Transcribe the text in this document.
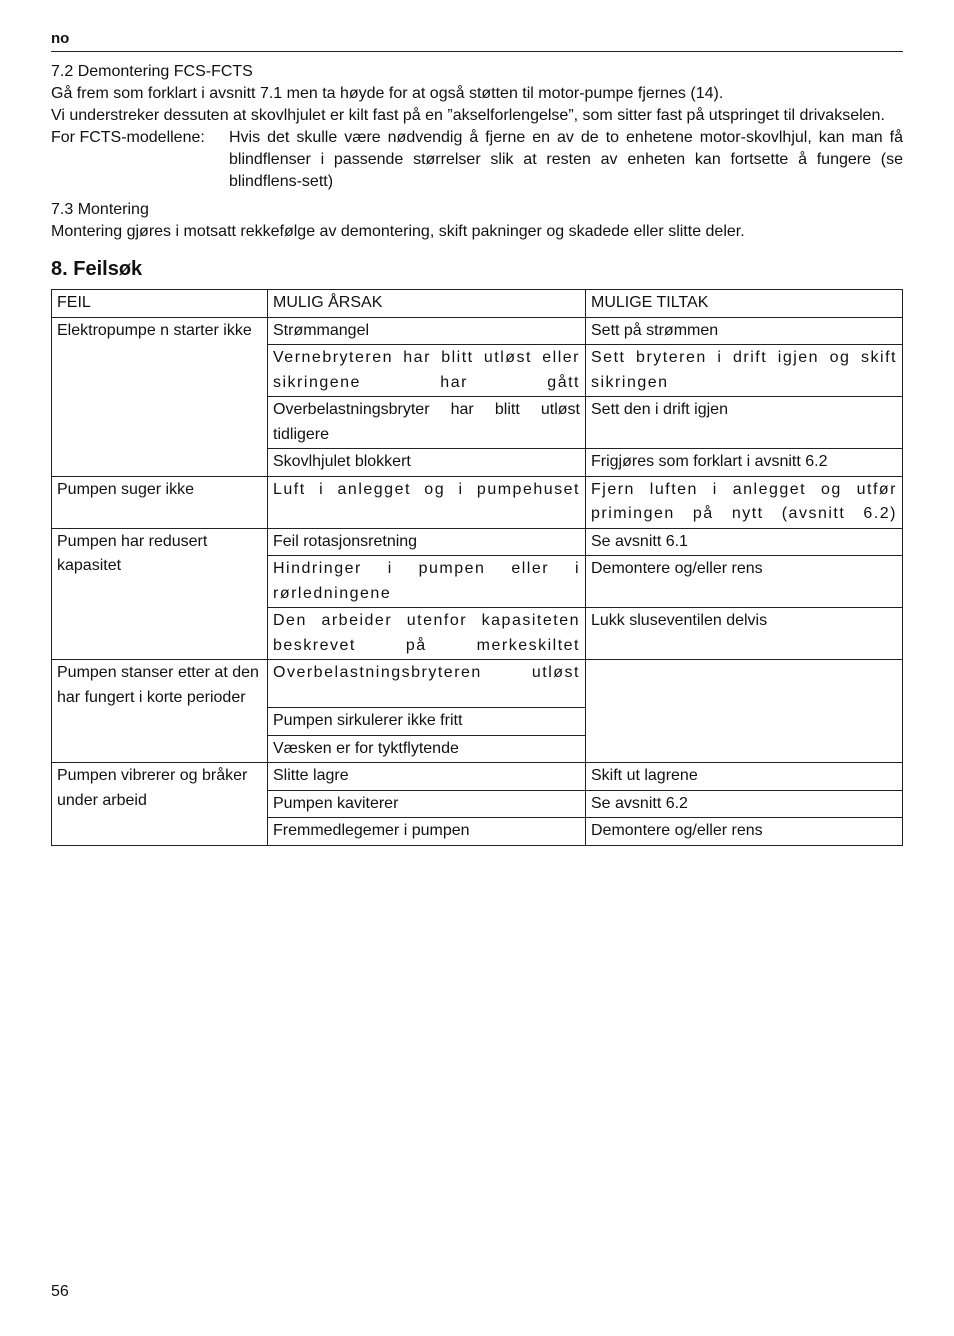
no

7.2 Demontering FCS-FCTS

Gå frem som forklart i avsnitt 7.1 men ta høyde for at også støtten til motor-pumpe fjernes (14).

Vi understreker dessuten at skovlhjulet er kilt fast på en ”akselforlengelse”, som sitter fast på utspringet til drivakselen.

For FCTS-modellene:	Hvis det skulle være nødvendig å fjerne en av de to enhetene motor-skovlhjul, kan man få blindflenser i passende størrelser slik at resten av enheten kan fortsette å fungere (se blindflens-sett)

7.3 Montering

Montering gjøres i motsatt rekkefølge av demontering, skift pakninger og skadede eller slitte deler.

8. Feilsøk
FEIL	MULIG ÅRSAK	MULIGE TILTAK
Elektropumpe n starter ikke	Strømmangel	Sett på strømmen
	Vernebryteren har blitt utløst eller sikringene har gått	Sett bryteren i drift igjen og skift sikringen
	Overbelastningsbryter har blitt utløst tidligere	Sett den i drift igjen
	Skovlhjulet blokkert	Frigjøres som forklart i avsnitt 6.2
Pumpen suger ikke	Luft i anlegget og i pumpehuset	Fjern luften i anlegget og utfør primingen på nytt (avsnitt 6.2)
Pumpen har redusert kapasitet	Feil rotasjonsretning	Se avsnitt 6.1
	Hindringer i pumpen eller i rørledningene	Demontere og/eller rens
	Den arbeider utenfor kapasiteten beskrevet på merkeskiltet	Lukk sluseventilen delvis
Pumpen stanser etter at den har fungert i korte perioder	Overbelastningsbryteren utløst	
	Pumpen sirkulerer ikke fritt	
	Væsken er for tyktflytende	
Pumpen vibrerer og bråker under arbeid	Slitte lagre	Skift ut lagrene
	Pumpen kaviterer	Se avsnitt 6.2
	Fremmedlegemer i pumpen	Demontere og/eller rens
56
